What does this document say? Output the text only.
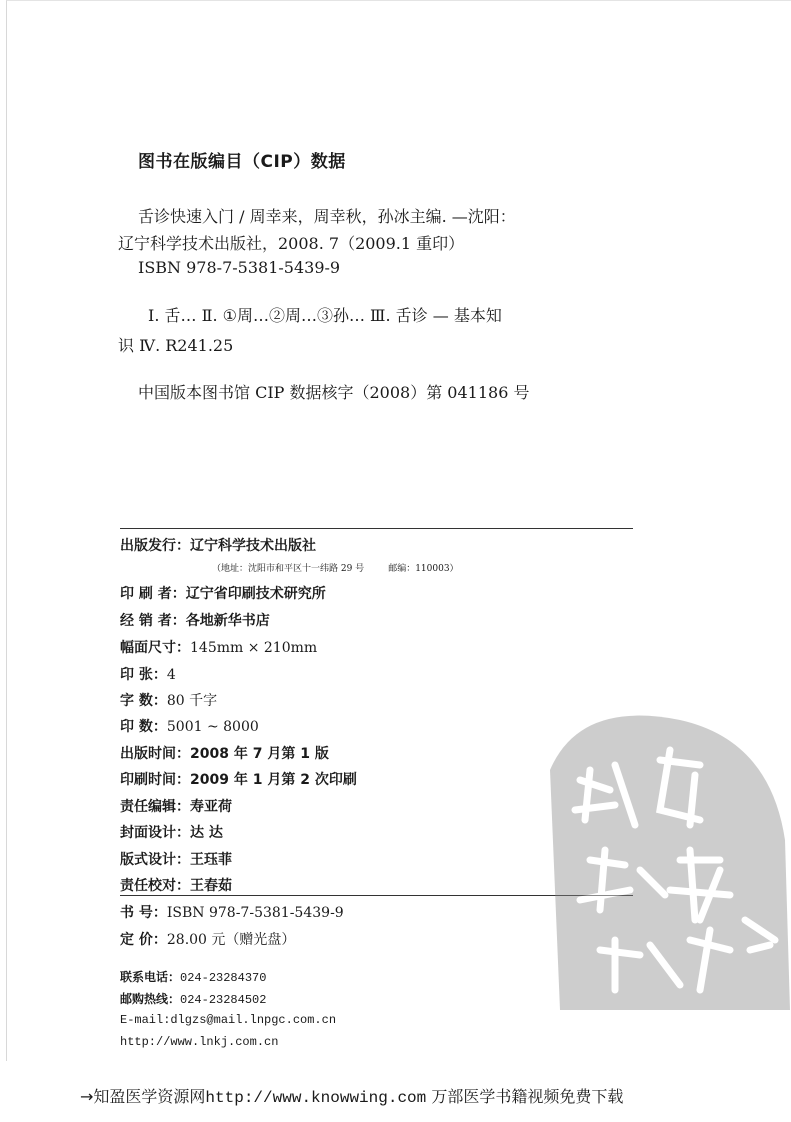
图书在版编目（CIP）数据
舌诊快速入门 / 周幸来，周幸秋，孙冰主编. —沈阳：
辽宁科学技术出版社，2008. 7（2009.1 重印）
ISBN 978-7-5381-5439-9
Ⅰ. 舌… Ⅱ. ①周…②周…③孙… Ⅲ. 舌诊 — 基本知
识 Ⅳ. R241.25
中国版本图书馆 CIP 数据核字（2008）第 041186 号
出版发行：辽宁科学技术出版社
（地址：沈阳市和平区十一纬路 29 号	邮编：110003）
印 刷 者：辽宁省印刷技术研究所
经 销 者：各地新华书店
幅面尺寸：145mm × 210mm
印 张：4
字 数：80 千字
印 数：5001 ~ 8000
出版时间：2008 年 7 月第 1 版
印刷时间：2009 年 1 月第 2 次印刷
责任编辑：寿亚荷
封面设计：达 达
版式设计：王珏菲
责任校对：王春茹
书 号：ISBN 978-7-5381-5439-9
定 价：28.00 元（赠光盘）
联系电话：024-23284370
邮购热线：024-23284502
E-mail:dlgzs@mail.lnpgc.com.cn
http://www.lnkj.com.cn
→知盈医学资源网http://www.knowwing.com 万部医学书籍视频免费下载
